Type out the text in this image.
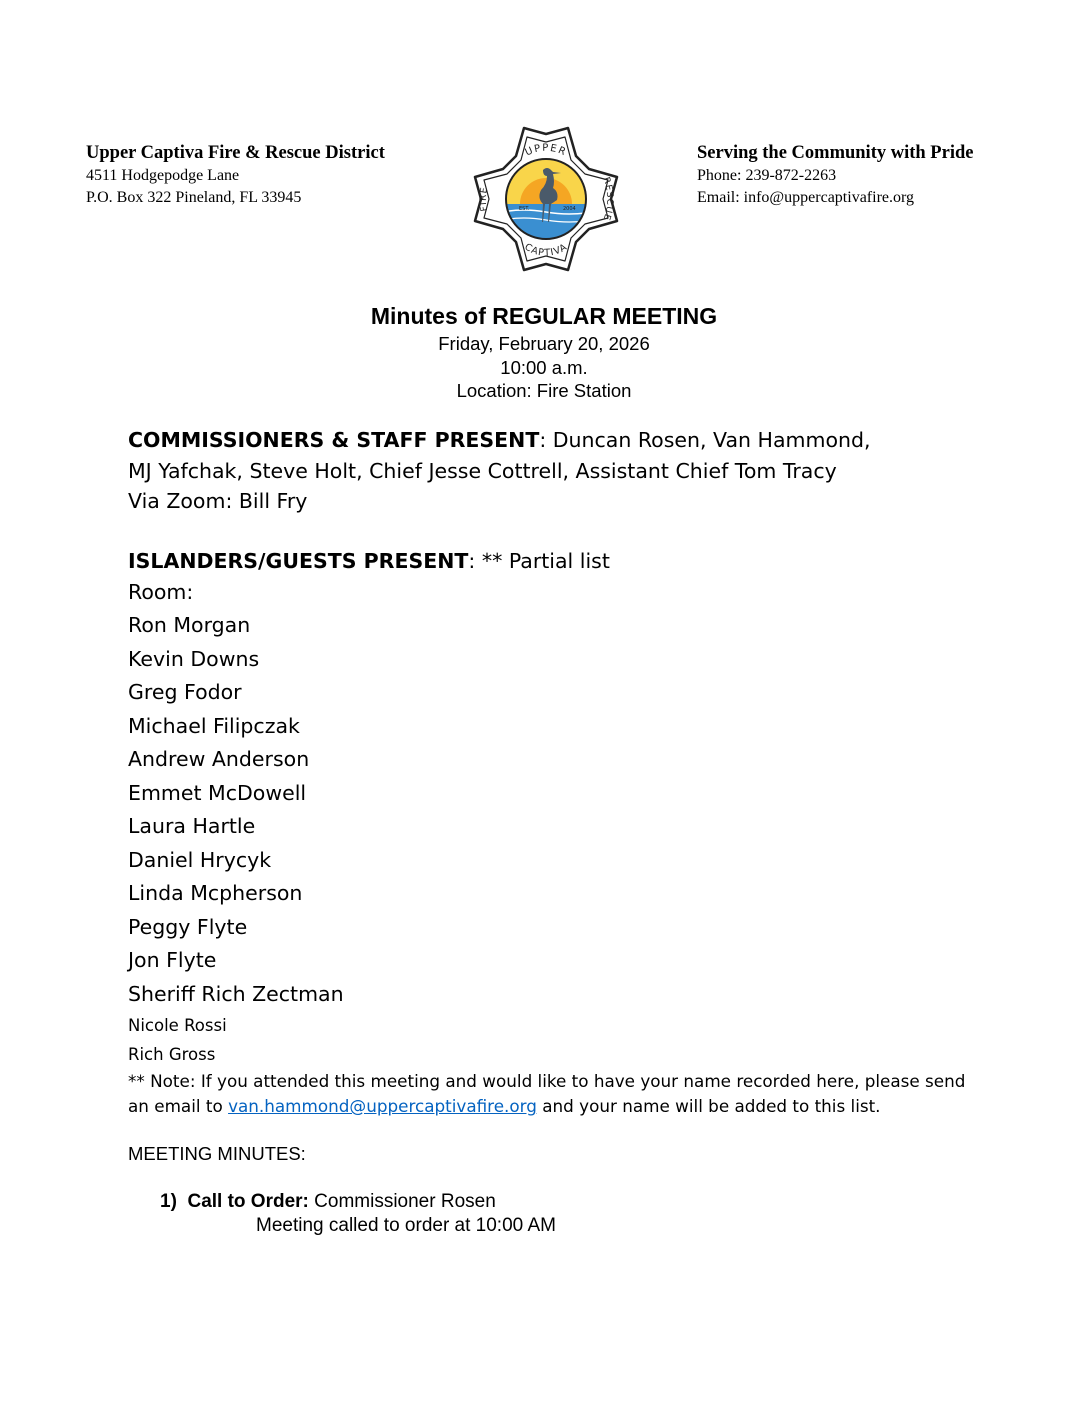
Upper Captiva Fire & Rescue District
4511 Hodgepodge Lane
P.O. Box 322 Pineland, FL 33945
UPPER
CAPTIVA
FIRE
RESCUE
EST.	2004
Serving the Community with Pride
Phone: 239-872-2263
Email: info@uppercaptivafire.org
Minutes of REGULAR MEETING
Friday, February 20, 2026
10:00 a.m.
Location: Fire Station
COMMISSIONERS & STAFF PRESENT: Duncan Rosen, Van Hammond,
MJ Yafchak, Steve Holt, Chief Jesse Cottrell, Assistant Chief Tom Tracy
Via Zoom: Bill Fry
ISLANDERS/GUESTS PRESENT: ** Partial list
Room:
Ron Morgan
Kevin Downs
Greg Fodor
Michael Filipczak
Andrew Anderson
Emmet McDowell
Laura Hartle
Daniel Hrycyk
Linda Mcpherson
Peggy Flyte
Jon Flyte
Sheriff Rich Zectman
Nicole Rossi
Rich Gross
** Note: If you attended this meeting and would like to have your name recorded here, please send
an email to van.hammond@uppercaptivafire.org and your name will be added to this list.
MEETING MINUTES:
1) Call to Order: Commissioner Rosen
Meeting called to order at 10:00 AM
